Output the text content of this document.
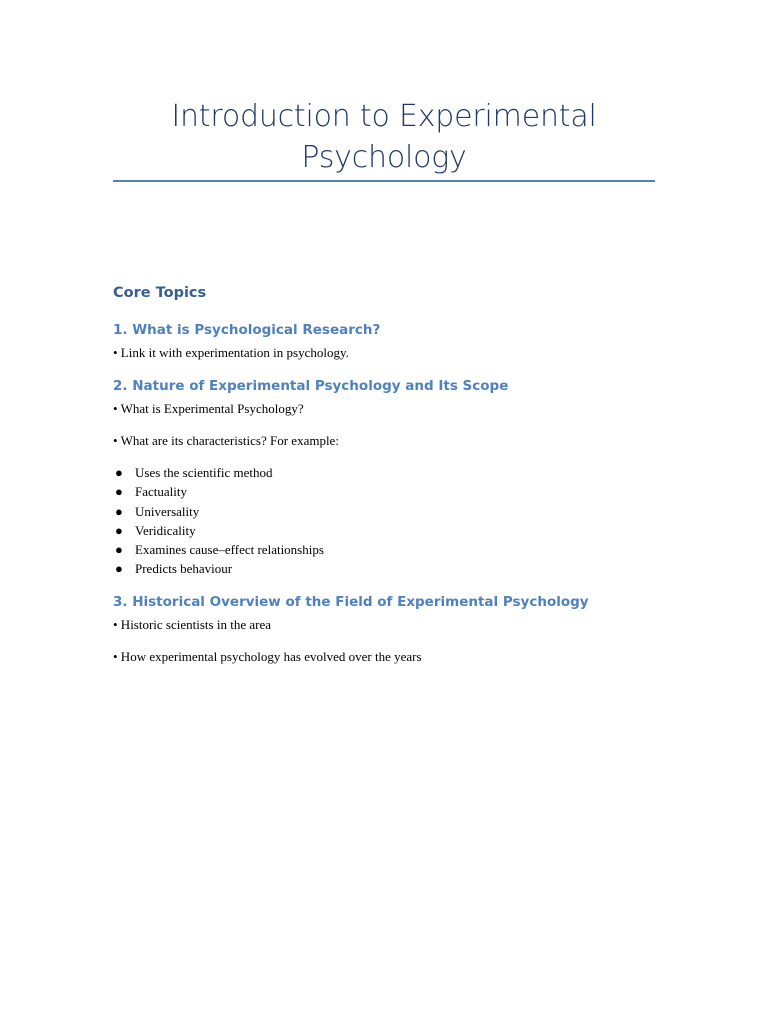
Introduction to Experimental Psychology
Core Topics
1. What is Psychological Research?

• Link it with experimentation in psychology.

2. Nature of Experimental Psychology and Its Scope

• What is Experimental Psychology?

• What are its characteristics? For example:

● Uses the scientific method
● Factuality
● Universality
● Veridicality
● Examines cause–effect relationships
● Predicts behaviour
3. Historical Overview of the Field of Experimental Psychology

• Historic scientists in the area

• How experimental psychology has evolved over the years
